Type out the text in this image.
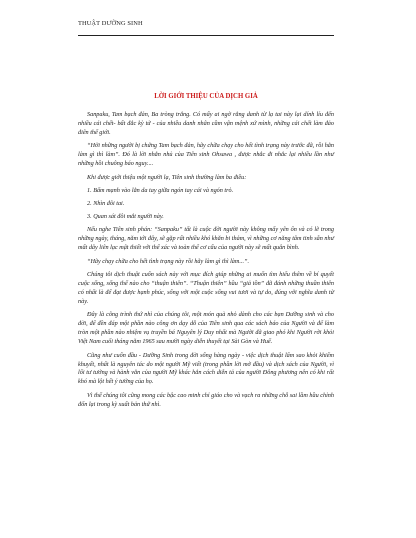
THUẬT DƯỠNG SINH
LỜI GIỚI THIỆU CỦA DỊCH GIẢ

Sanpaku, Tam bạch đản, Ba tròng trắng. Có mấy ai ngờ rằng danh từ lạ tai này lại dính líu đến nhiều cái chết- bất đắc kỳ tử - của nhiều danh nhân cầm vận mệnh xứ mình, những cái chết làm đảo điên thế giới.

“Hởi những người bị chứng Tam bạch đản, hãy chữa chạy cho hết tình trạng này trước đã, rồi hẳn làm gì thì làm”. Đó là lời nhắn nhủ của Tiên sinh Ohsawa , được nhắc đi nhắc lại nhiều lần như những hồi chuông báo nguy....

Khi được giới thiệu một người lạ, Tiên sinh thường làm ba điều:

1. Bấm mạnh vào lằn da tay giữa ngón tay cái và ngón trỏ.

2. Nhìn đôi tai.

3. Quan sát đôi mắt người này.

Nếu nghe Tiên sinh phán: “Sanpaku” tất là cuộc đời người này không mấy yên ổn và có lẽ trong những ngày, tháng, năm tới đây, sẽ gặp rất nhiều khó khăn bi thảm, vì những cơ năng tâm tinh sẵn như mất dây liên lạc mật thiết với thể xác và toàn thể cơ cấu của người này sẽ mất quân bình.

“Hãy chạy chữa cho hết tình trạng này rồi hãy làm gì thì làm...”.

Chúng tôi dịch thuật cuốn sách này với mục đích giúp những ai muốn tìm hiểu thêm về bí quyết cuộc sống, sống thế nào cho “thuận thiên”. “Thuận thiên” hầu “giả tồn” đã đánh những thuần thiên có nhất là để đạt được hạnh phúc, sống với một cuộc sống vui tươi và tự do, đúng với nghĩa danh từ này.

Đây là công trình thứ nhì của chúng tôi, một món quà nhỏ dành cho các bạn Dưỡng sinh và cho đời, để đền đáp một phần nào công ơn dạy dỗ của Tiên sinh qua các sách báo của Người và để làm tròn một phần nào nhiệm vụ truyền bá Nguyên lý Duy nhất mà Người đã giao phó khi Người rời khỏi Việt Nam cuối tháng năm 1965 sau mười ngày diễn thuyết tại Sài Gòn và Huế.

Cũng như cuốn đầu - Dưỡng Sinh trong đời sống hàng ngày - việc dịch thuật lẩm sao khỏi khiếm khuyết, nhất là nguyên tác do một người Mỹ viết (trong phần lời mở đầu) và dịch sách của Người, vì lối tư tưởng và hành văn của người Mỹ khác hẳn cách diễn tả của người Đông phương nên có khi rất khó mà lột hết ý tưởng của họ.

Vì thế chúng tôi cũng mong các bậc cao minh chỉ giáo cho và vạch ra những chỗ sai lầm hầu chỉnh đốn lại trong kỳ xuất bản thứ nhì.
